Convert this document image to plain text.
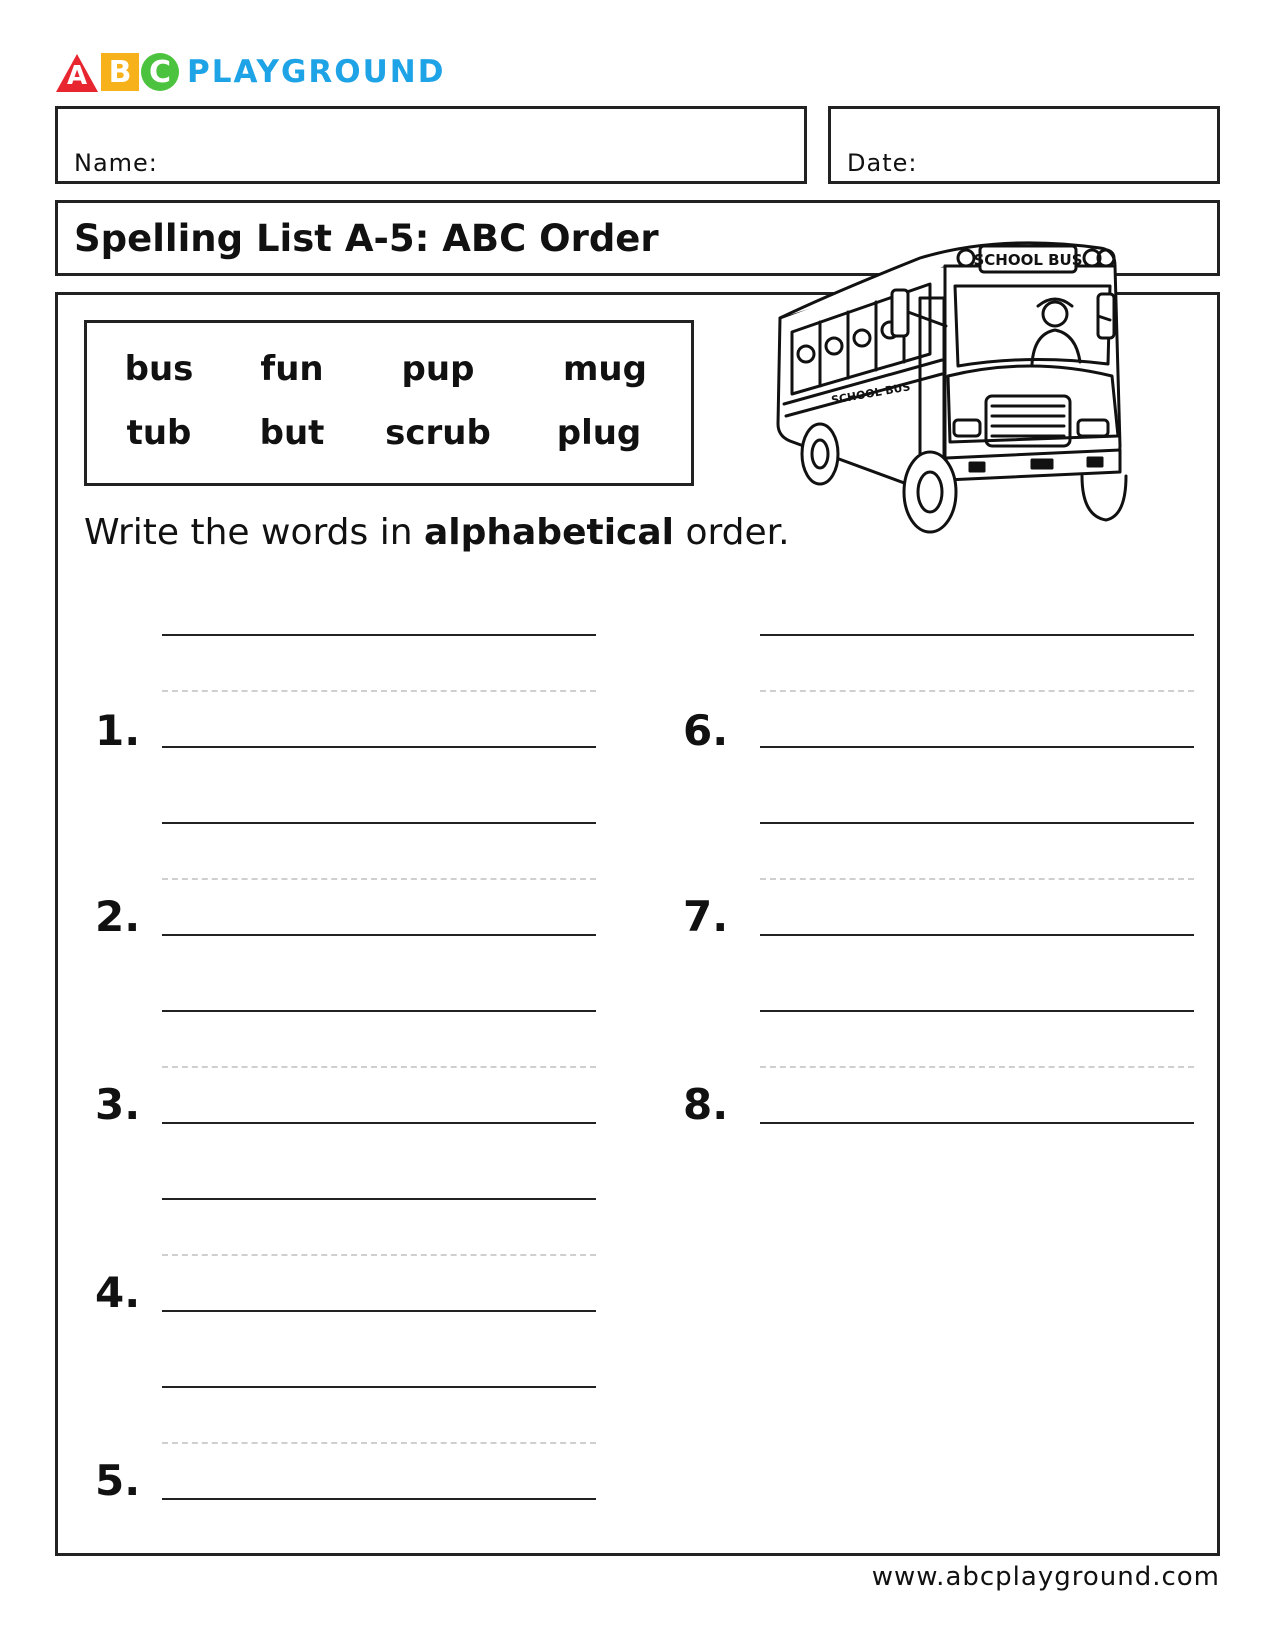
A B C PLAYGROUND
Name:	Date:
Spelling List A-5: ABC Order
bus fun pup	mug
tub but scrub plug
Write the words in alphabetical order.
SCHOOL BUS
SCHOOL BUS
1.
2.
3.
4.
5.
6.
7.
8.
www.abcplayground.com
